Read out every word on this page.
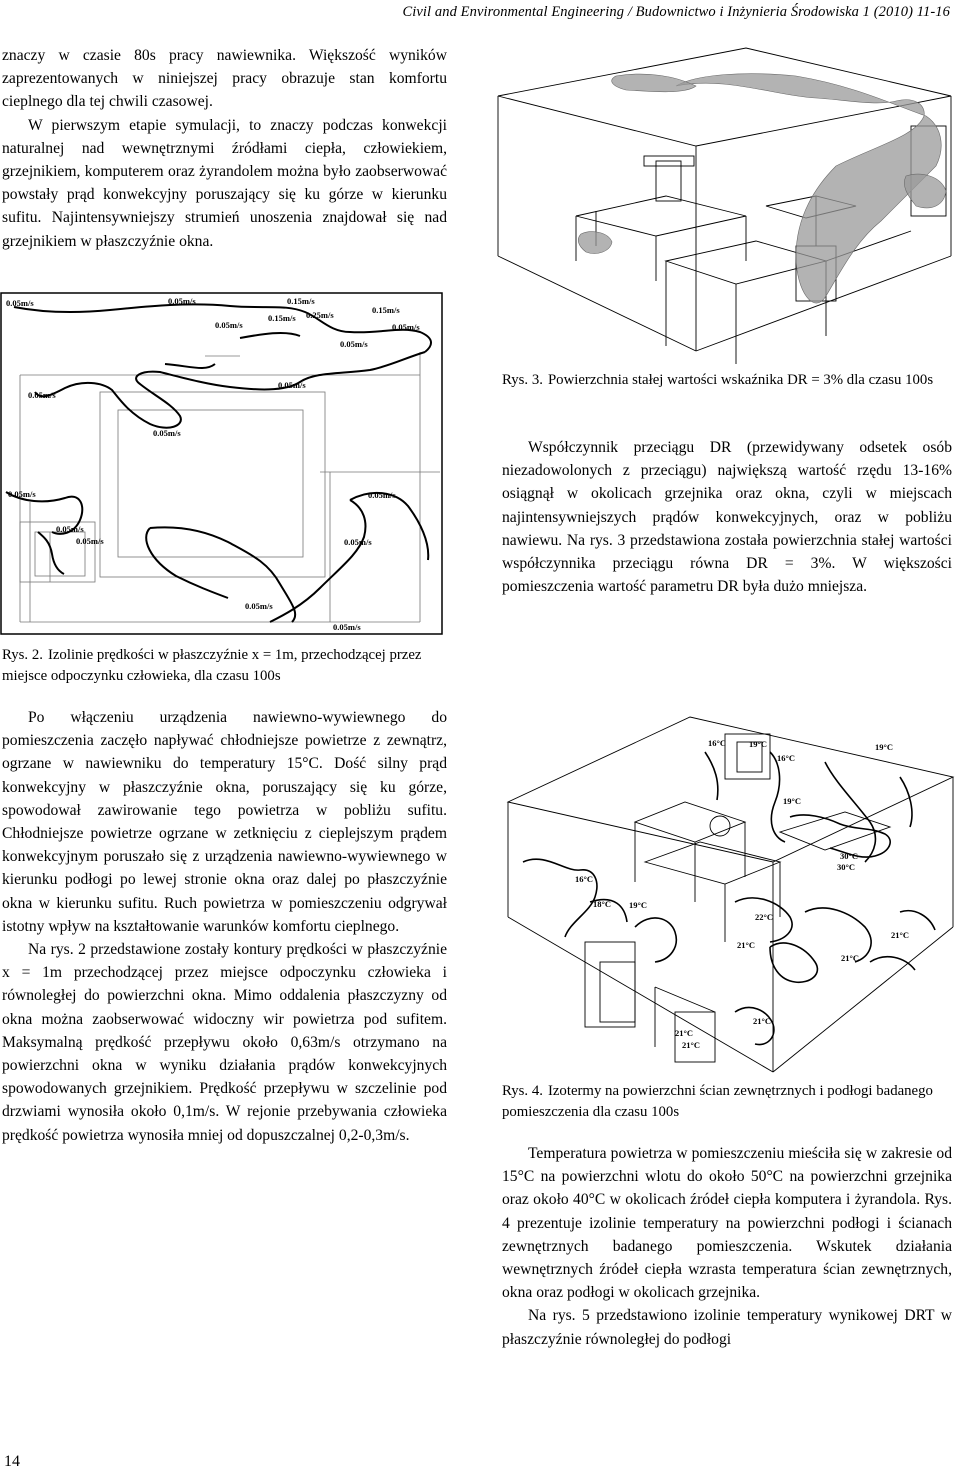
Civil and Environmental Engineering / Budownictwo i Inżynieria Środowiska 1 (2010) 11-16

znaczy w czasie 80s pracy nawiewnika. Większość wyników zaprezentowanych w niniejszej pracy obrazuje stan komfortu cieplnego dla tej chwili czasowej.

W pierwszym etapie symulacji, to znaczy podczas konwekcji naturalnej nad wewnętrznymi źródłami ciepła, człowiekiem, grzejnikiem, komputerem oraz żyrandolem można było zaobserwować powstały prąd konwekcyjny poruszający się ku górze w kierunku sufitu. Najintensywniejszy strumień unoszenia znajdował się nad grzejnikiem w płaszczyźnie okna.

0.05m/s	0.05m/s	0.15m/s
0.15m/s 0.25m/s	0.15m/s
0.05m/s
0.05m/s
0.05m/s
0.05m/s
0.05m/s
0.05m/s
0.05m/s	0.05m/s
0.05m/s
0.05m/s	0.05m/s
0.05m/s
0.05m/s
Rys. 2. Izolinie prędkości w płaszczyźnie x = 1m, przechodzącej przez miejsce odpoczynku człowieka, dla czasu 100s

Po włączeniu urządzenia nawiewno-wywiewnego do pomieszczenia zaczęło napływać chłodniejsze powietrze z zewnątrz, ogrzane w nawiewniku do temperatury 15°C. Dość silny prąd konwekcyjny w płaszczyźnie okna, poruszający się ku górze, spowodował zawirowanie tego powietrza w pobliżu sufitu. Chłodniejsze powietrze ogrzane w zetknięciu z cieplejszym prądem konwekcyjnym poruszało się z urządzenia nawiewno-wywiewnego w kierunku podłogi po lewej stronie okna oraz dalej po płaszczyźnie okna w kierunku sufitu. Ruch powietrza w pomieszczeniu odgrywał istotny wpływ na kształtowanie warunków komfortu cieplnego.

Na rys. 2 przedstawione zostały kontury prędkości w płaszczyźnie x = 1m przechodzącej przez miejsce odpoczynku człowieka i równoległej do powierzchni okna. Mimo oddalenia płaszczyzny od okna można zaobserwować widoczny wir powietrza pod sufitem. Maksymalną prędkość przepływu około 0,63m/s otrzymano na powierzchni okna w wyniku działania prądów konwekcyjnych spowodowanych grzejnikiem. Prędkość przepływu w szczelinie pod drzwiami wynosiła około 0,1m/s. W rejonie przebywania człowieka prędkość powietrza wynosiła mniej od dopuszczalnej 0,2-0,3m/s.

Rys. 3. Powierzchnia stałej wartości wskaźnika DR = 3% dla czasu 100s

Współczynnik przeciągu DR (przewidywany odsetek osób niezadowolonych z przeciągu) największą wartość rzędu 13-16% osiągnął w okolicach grzejnika oraz okna, czyli w miejscach najintensywniejszych prądów konwekcyjnych, oraz w pobliżu nawiewu. Na rys. 3 przedstawiona została powierzchnia stałej wartości współczynnika przeciągu równa DR = 3%. W większości pomieszczenia wartość parametru DR była dużo mniejsza.

16°C	19°C
16°C
19°C
19°C
30°C
30°C
16°C
18°C 19°C
22°C
21°C
21°C
21°C
21°C
21°C
21°C
Rys. 4. Izotermy na powierzchni ścian zewnętrznych i podłogi badanego pomieszczenia dla czasu 100s

Temperatura powietrza w pomieszczeniu mieściła się w zakresie od 15°C na powierzchni wlotu do około 50°C na powierzchni grzejnika oraz około 40°C w okolicach źródeł ciepła komputera i żyrandola. Rys. 4 prezentuje izolinie temperatury na powierzchni podłogi i ścianach zewnętrznych badanego pomieszczenia. Wskutek działania wewnętrznych źródeł ciepła wzrasta temperatura ścian zewnętrznych, okna oraz podłogi w okolicach grzejnika.

Na rys. 5 przedstawiono izolinie temperatury wynikowej DRT w płaszczyźnie równoległej do podłogi

14
